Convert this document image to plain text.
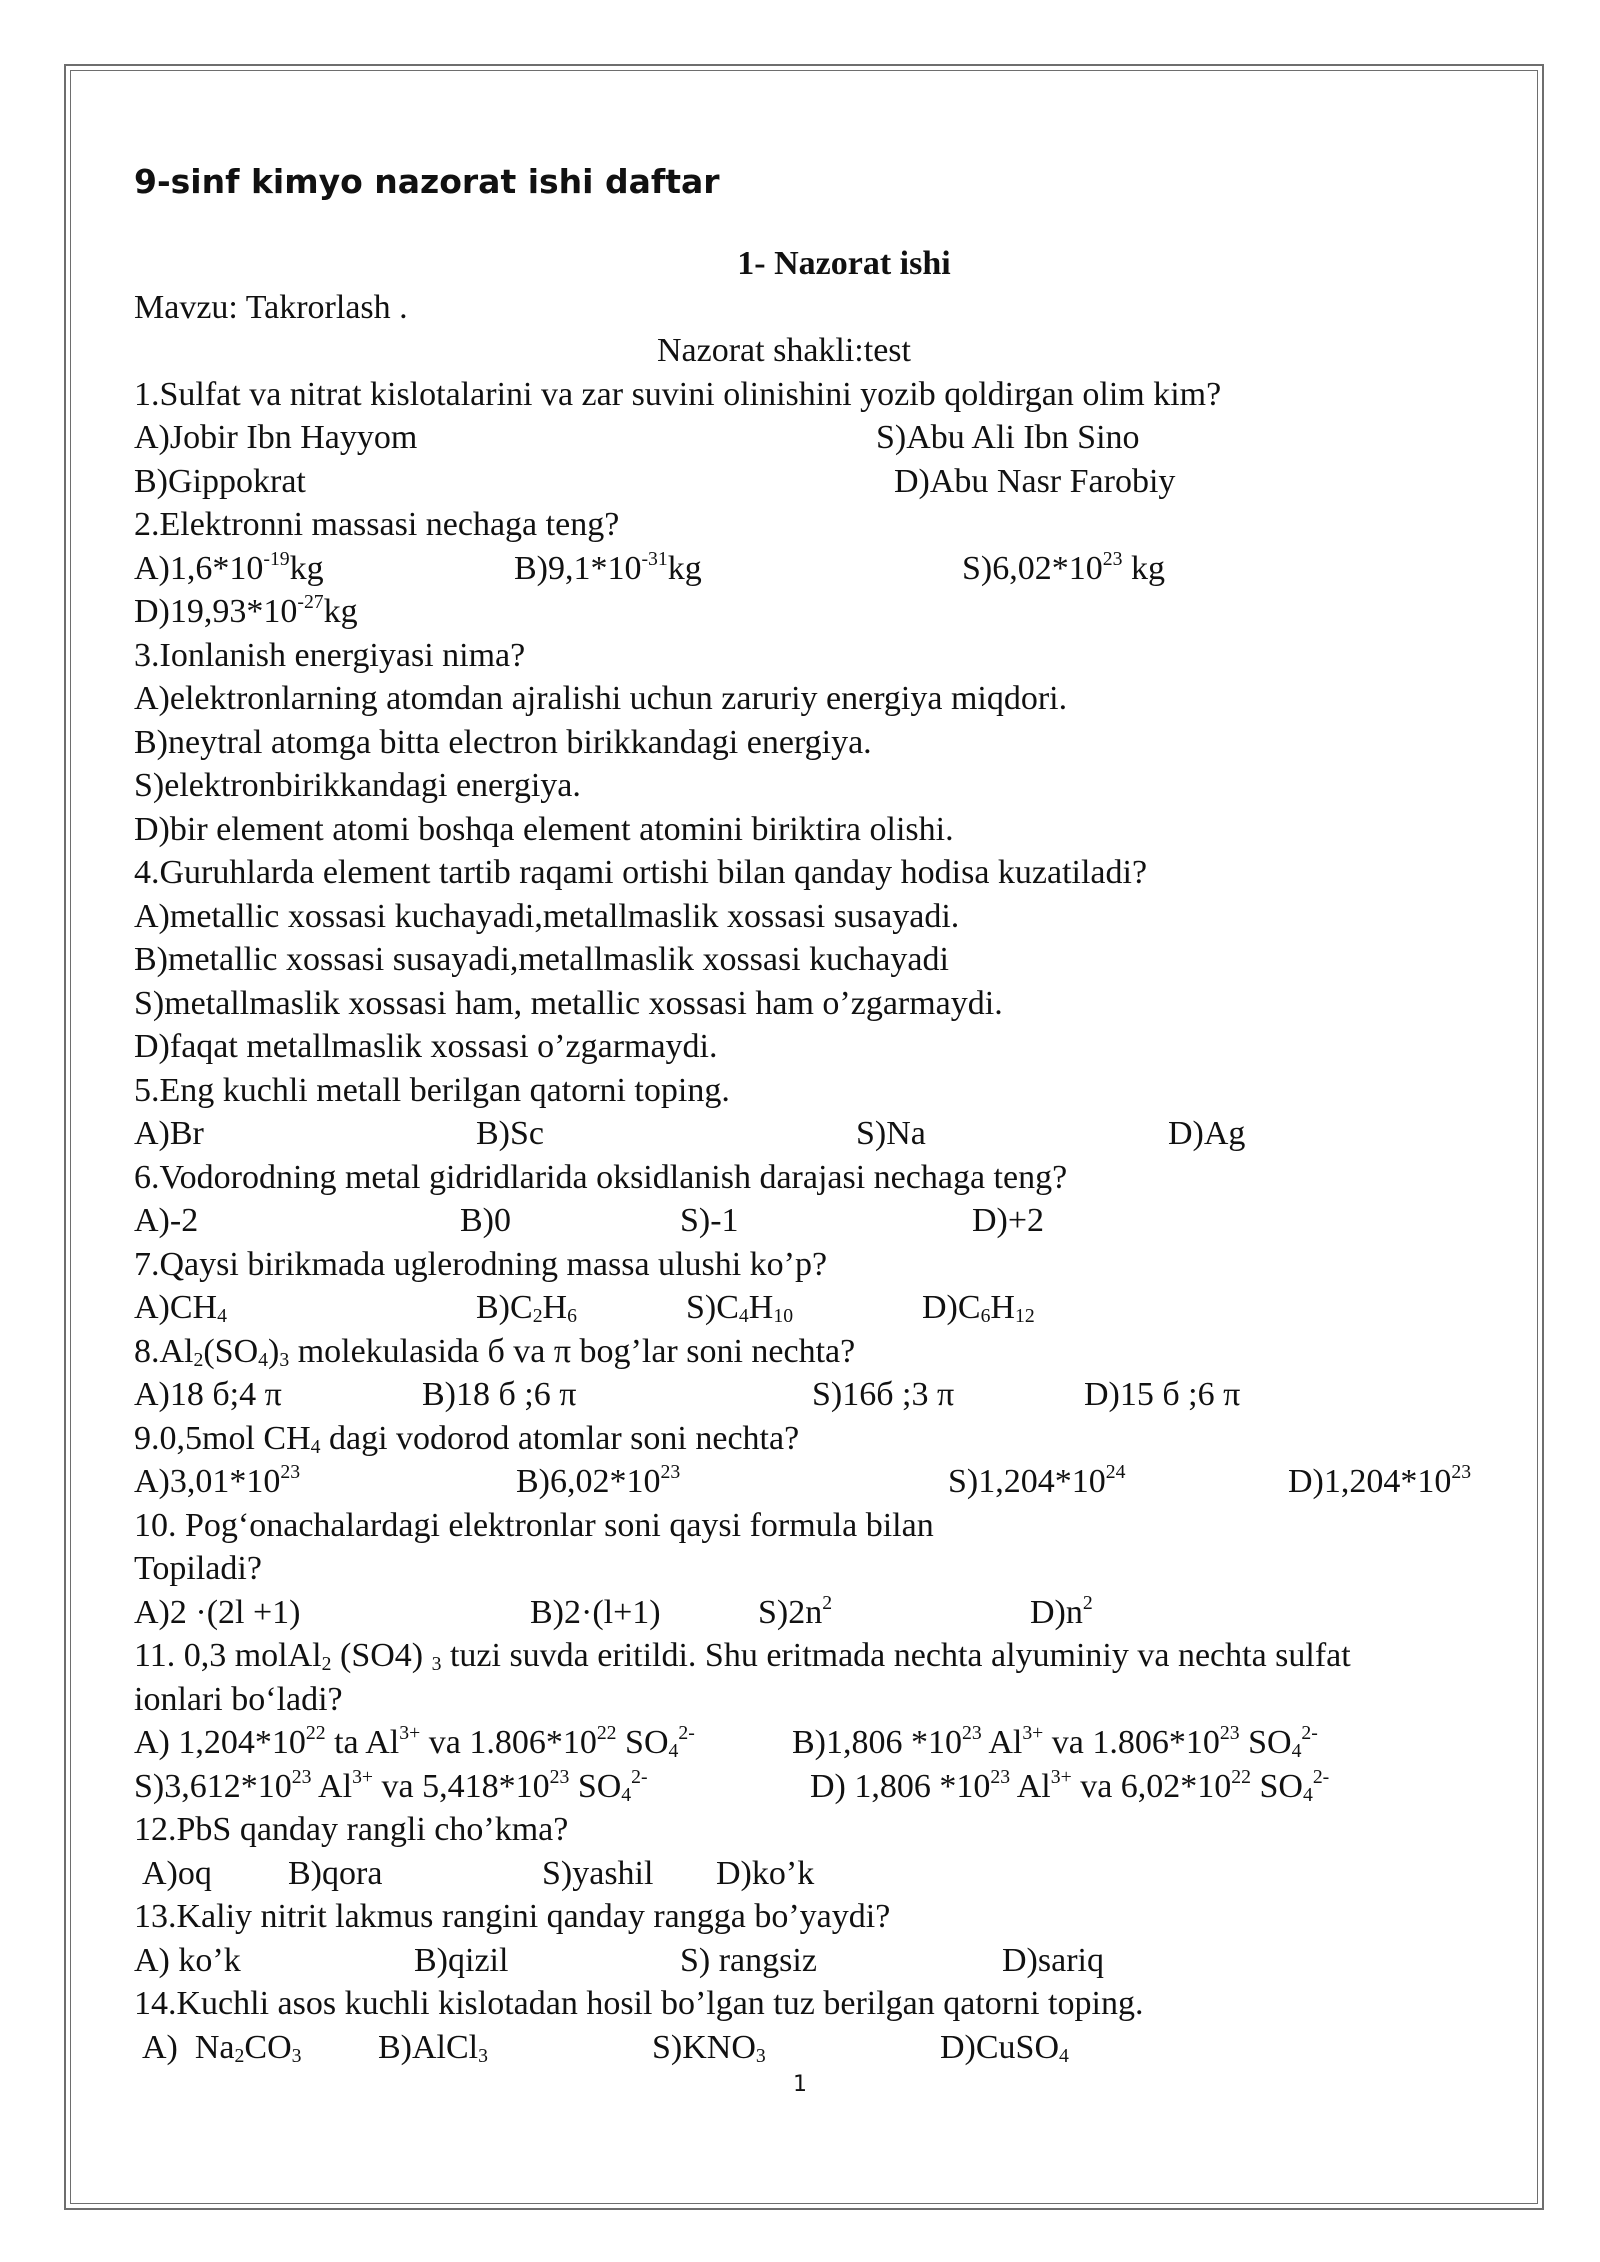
9-sinf kimyo nazorat ishi daftar
1- Nazorat ishi
Mavzu: Takrorlash .
Nazorat shakli:test
1.Sulfat va nitrat kislotalarini va zar suvini olinishini yozib qoldirgan olim kim?
A)Jobir Ibn Hayyom	S)Abu Ali Ibn Sino
B)Gippokrat	D)Abu Nasr Farobiy
2.Elektronni massasi nechaga teng?
$A)1,6*10^{-19}kg$	$B)9,1*10^{-31}kg$	$S)6,02*10^{23}$ kg
$D)19,93*10^{-27}kg$
3.Ionlanish energiyasi nima?
A)elektronlarning atomdan ajralishi uchun zaruriy energiya miqdori.
B)neytral atomga bitta electron birikkandagi energiya.
S)elektronbirikkandagi energiya.
D)bir element atomi boshqa element atomini biriktira olishi.
4.Guruhlarda element tartib raqami ortishi bilan qanday hodisa kuzatiladi?
A)metallic xossasi kuchayadi,metallmaslik xossasi susayadi.
B)metallic xossasi susayadi,metallmaslik xossasi kuchayadi
S)metallmaslik xossasi ham, metallic xossasi ham o’zgarmaydi.
D)faqat metallmaslik xossasi o’zgarmaydi.
5.Eng kuchli metall berilgan qatorni toping.
A)Br	B)Sc	S)Na	D)Ag
6.Vodorodning metal gidridlarida oksidlanish darajasi nechaga teng?
A)-2	B)0	S)-1	D)+2
7.Qaysi birikmada uglerodning massa ulushi ko’p?
$A)CH_4$	$B)C_2H_6$	$S)C_4H_{10}$	$D)C_6H_{12}$
$8.Al_2(SO_4)_3$ molekulasida б va π bog’lar soni nechta?
A)18 б;4 π	B)18 б ;6 π	S)16б ;3 π	D)15 б ;6 π
9.0,5mol $CH_4$ dagi vodorod atomlar soni nechta?
$A)3,01*10^{23}$	$B)6,02*10^{23}$	$S)1,204*10^{24}$	$D)1,204*10^{23}$
10. Pog‘onachalardagi elektronlar soni qaysi formula bilan
Topiladi?
A)2 ·(2l +1)	B)2·(l+1)	$S)2n^2$	$D)n^2$
11. 0,3 molAl$_2$ (SO4) $_3$ tuzi suvda eritildi. Shu eritmada nechta alyuminiy va nechta sulfat
ionlari bo‘ladi?
A) $1,204*10^{22}$ ta $Al^{3+}$ va $1.806*10^{22}$ $SO_4^{2-}$	B)1,806 $*10^{23}$ $Al^{3+}$ va $1.806*10^{23}$ $SO_4^{2-}$
$S)3,612*10^{23}$ $Al^{3+}$ va $5,418*10^{23}$ $SO_4^{2-}$	D) 1,806 $*10^{23}$ $Al^{3+}$ va $6,02*10^{22}$ $SO_4^{2-}$
12.PbS qanday rangli cho’kma?
A)oq B)qora	S)yashil D)ko’k
13.Kaliy nitrit lakmus rangini qanday rangga bo’yaydi?
A) ko’k	B)qizil	S) rangsiz	D)sariq
14.Kuchli asos kuchli kislotadan hosil bo’lgan tuz berilgan qatorni toping.
A)  $Na_2CO_3$ B)AlCl$_3$	$S)KNO_3$	D)CuSO$_4$
1
